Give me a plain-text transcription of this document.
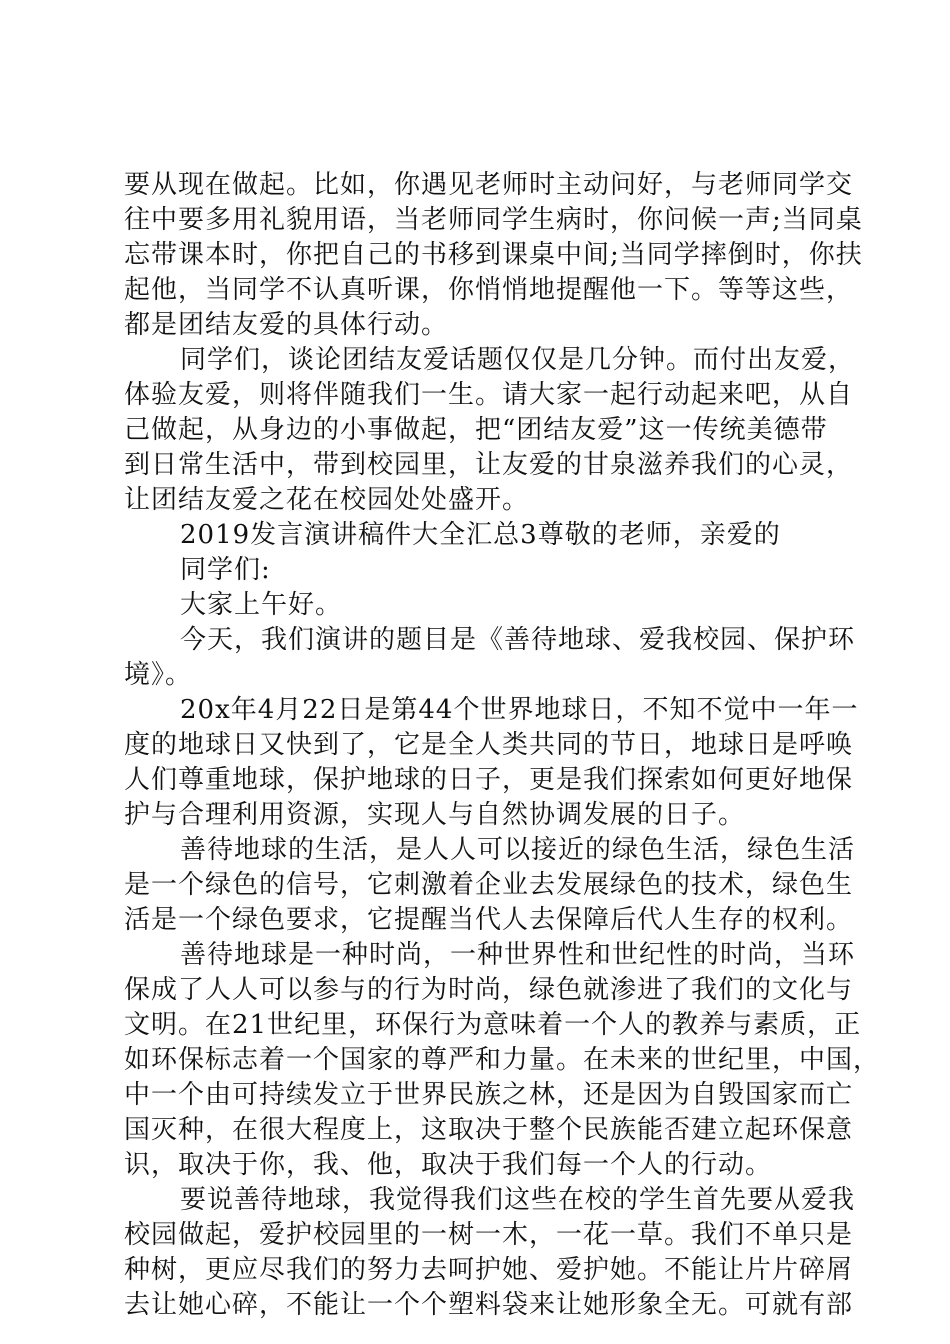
要从现在做起。比如，你遇见老师时主动问好，与老师同学交
往中要多用礼貌用语，当老师同学生病时，你问候一声;当同桌
忘带课本时，你把自己的书移到课桌中间;当同学摔倒时，你扶
起他，当同学不认真听课，你悄悄地提醒他一下。等等这些，
都是团结友爱的具体行动。
同学们，谈论团结友爱话题仅仅是几分钟。而付出友爱，
体验友爱，则将伴随我们一生。请大家一起行动起来吧，从自
己做起，从身边的小事做起，把“团结友爱”这一传统美德带
到日常生活中，带到校园里，让友爱的甘泉滋养我们的心灵，
让团结友爱之花在校园处处盛开。
2019发言演讲稿件大全汇总3尊敬的老师，亲爱的
同学们:
大家上午好。
今天，我们演讲的题目是《善待地球、爱我校园、保护环
境》。
20x年4月22日是第44个世界地球日，不知不觉中一年一
度的地球日又快到了，它是全人类共同的节日，地球日是呼唤
人们尊重地球，保护地球的日子，更是我们探索如何更好地保
护与合理利用资源，实现人与自然协调发展的日子。
善待地球的生活，是人人可以接近的绿色生活，绿色生活
是一个绿色的信号，它刺激着企业去发展绿色的技术，绿色生
活是一个绿色要求，它提醒当代人去保障后代人生存的权利。
善待地球是一种时尚，一种世界性和世纪性的时尚，当环
保成了人人可以参与的行为时尚，绿色就渗进了我们的文化与
文明。在21世纪里，环保行为意味着一个人的教养与素质，正
如环保标志着一个国家的尊严和力量。在未来的世纪里，中国，
中一个由可持续发立于世界民族之林，还是因为自毁国家而亡
国灭种，在很大程度上，这取决于整个民族能否建立起环保意
识，取决于你，我、他，取决于我们每一个人的行动。
要说善待地球，我觉得我们这些在校的学生首先要从爱我
校园做起，爱护校园里的一树一木，一花一草。我们不单只是
种树，更应尽我们的努力去呵护她、爱护她。不能让片片碎屑
去让她心碎，不能让一个个塑料袋来让她形象全无。可就有部
